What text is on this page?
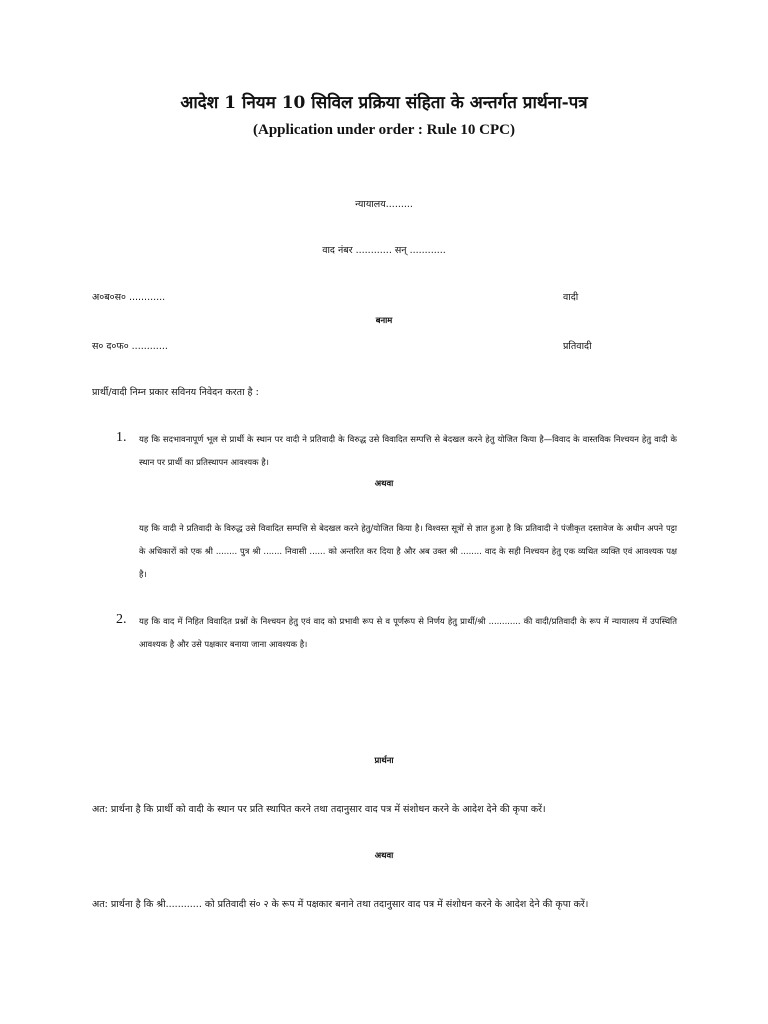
आदेश 1 नियम 10 सिविल प्रक्रिया संहिता के अन्तर्गत प्रार्थना-पत्र
(Application under order : Rule 10 CPC)
न्यायालय.........
वाद नंबर ............ सन् ............
अ०ब०स० ............	वादी
बनाम
स० द०फ० ............	प्रतिवादी
प्रार्थी/वादी निम्न प्रकार सविनय निवेदन करता है :
1. यह कि सदभावनापूर्ण भूल से प्रार्थी के स्थान पर वादी ने प्रतिवादी के विरुद्ध उसे विवादित सम्पत्ति से बेदखल करने हेतु योजित किया है—विवाद के वास्तविक निश्चयन हेतु वादी के स्थान पर प्रार्थी का प्रतिस्थापन आवश्यक है।
अथवा
यह कि वादी ने प्रतिवादी के विरुद्ध उसे विवादित सम्पत्ति से बेदखल करने हेतु/योजित किया है। विश्वस्त सूत्रों से ज्ञात हुआ है कि प्रतिवादी ने पंजीकृत दस्तावेज के अधीन अपने पट्टा के अधिकारों को एक श्री ........ पुत्र श्री ....... निवासी ...... को अन्तरित कर दिया है और अब उक्त श्री ........ वाद के सही निश्चयन हेतु एक व्यथित व्यक्ति एवं आवश्यक पक्ष है।
2. यह कि वाद में निहित विवादित प्रश्नों के निश्चयन हेतु एवं वाद को प्रभावी रूप से व पूर्णरूप से निर्णय हेतु प्रार्थी/श्री ............ की वादी/प्रतिवादी के रूप में न्यायालय में उपस्थिति आवश्यक है और उसे पक्षकार बनाया जाना आवश्यक है।
प्रार्थना
अत: प्रार्थना है कि प्रार्थी को वादी के स्थान पर प्रति स्थापित करने तथा तदानुसार वाद पत्र में संशोधन करने के आदेश देने की कृपा करें।
अथवा
अत: प्रार्थना है कि श्री............ को प्रतिवादी सं० २ के रूप में पक्षकार बनाने तथा तदानुसार वाद पत्र में संशोधन करने के आदेश देने की कृपा करें।
